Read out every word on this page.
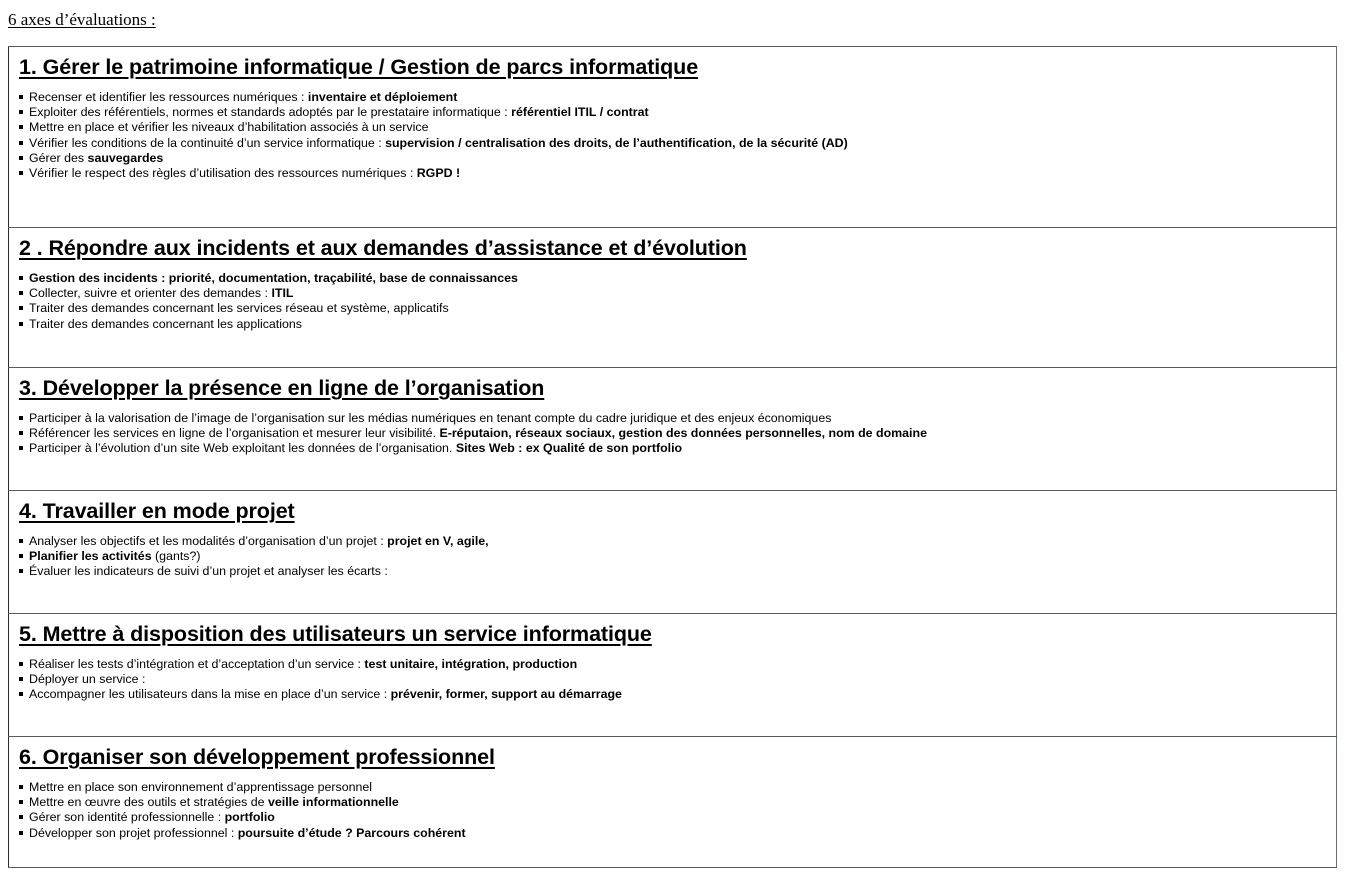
6 axes d’évaluations :
1. Gérer le patrimoine informatique / Gestion de parcs informatique
Recenser et identifier les ressources numériques : inventaire et déploiement
Exploiter des référentiels, normes et standards adoptés par le prestataire informatique : référentiel ITIL / contrat
Mettre en place et vérifier les niveaux d’habilitation associés à un service
Vérifier les conditions de la continuité d’un service informatique : supervision / centralisation des droits, de l’authentification, de la sécurité (AD)
Gérer des sauvegardes
Vérifier le respect des règles d’utilisation des ressources numériques : RGPD !

2 . Répondre aux incidents et aux demandes d’assistance et d’évolution
Gestion des incidents : priorité, documentation, traçabilité, base de connaissances
Collecter, suivre et orienter des demandes : ITIL
Traiter des demandes concernant les services réseau et système, applicatifs
Traiter des demandes concernant les applications

3. Développer la présence en ligne de l’organisation
Participer à la valorisation de l’image de l’organisation sur les médias numériques en tenant compte du cadre juridique et des enjeux économiques
Référencer les services en ligne de l’organisation et mesurer leur visibilité. E-réputaion, réseaux sociaux, gestion des données personnelles, nom de domaine
Participer à l’évolution d’un site Web exploitant les données de l’organisation. Sites Web : ex Qualité de son portfolio

4. Travailler en mode projet
Analyser les objectifs et les modalités d’organisation d’un projet : projet en V, agile,
Planifier les activités (gants?)
Évaluer les indicateurs de suivi d’un projet et analyser les écarts :

5. Mettre à disposition des utilisateurs un service informatique
Réaliser les tests d’intégration et d’acceptation d’un service : test unitaire, intégration, production
Déployer un service :
Accompagner les utilisateurs dans la mise en place d’un service : prévenir, former, support au démarrage

6. Organiser son développement professionnel
Mettre en place son environnement d’apprentissage personnel
Mettre en œuvre des outils et stratégies de veille informationnelle
Gérer son identité professionnelle : portfolio
Développer son projet professionnel : poursuite d’étude ? Parcours cohérent
